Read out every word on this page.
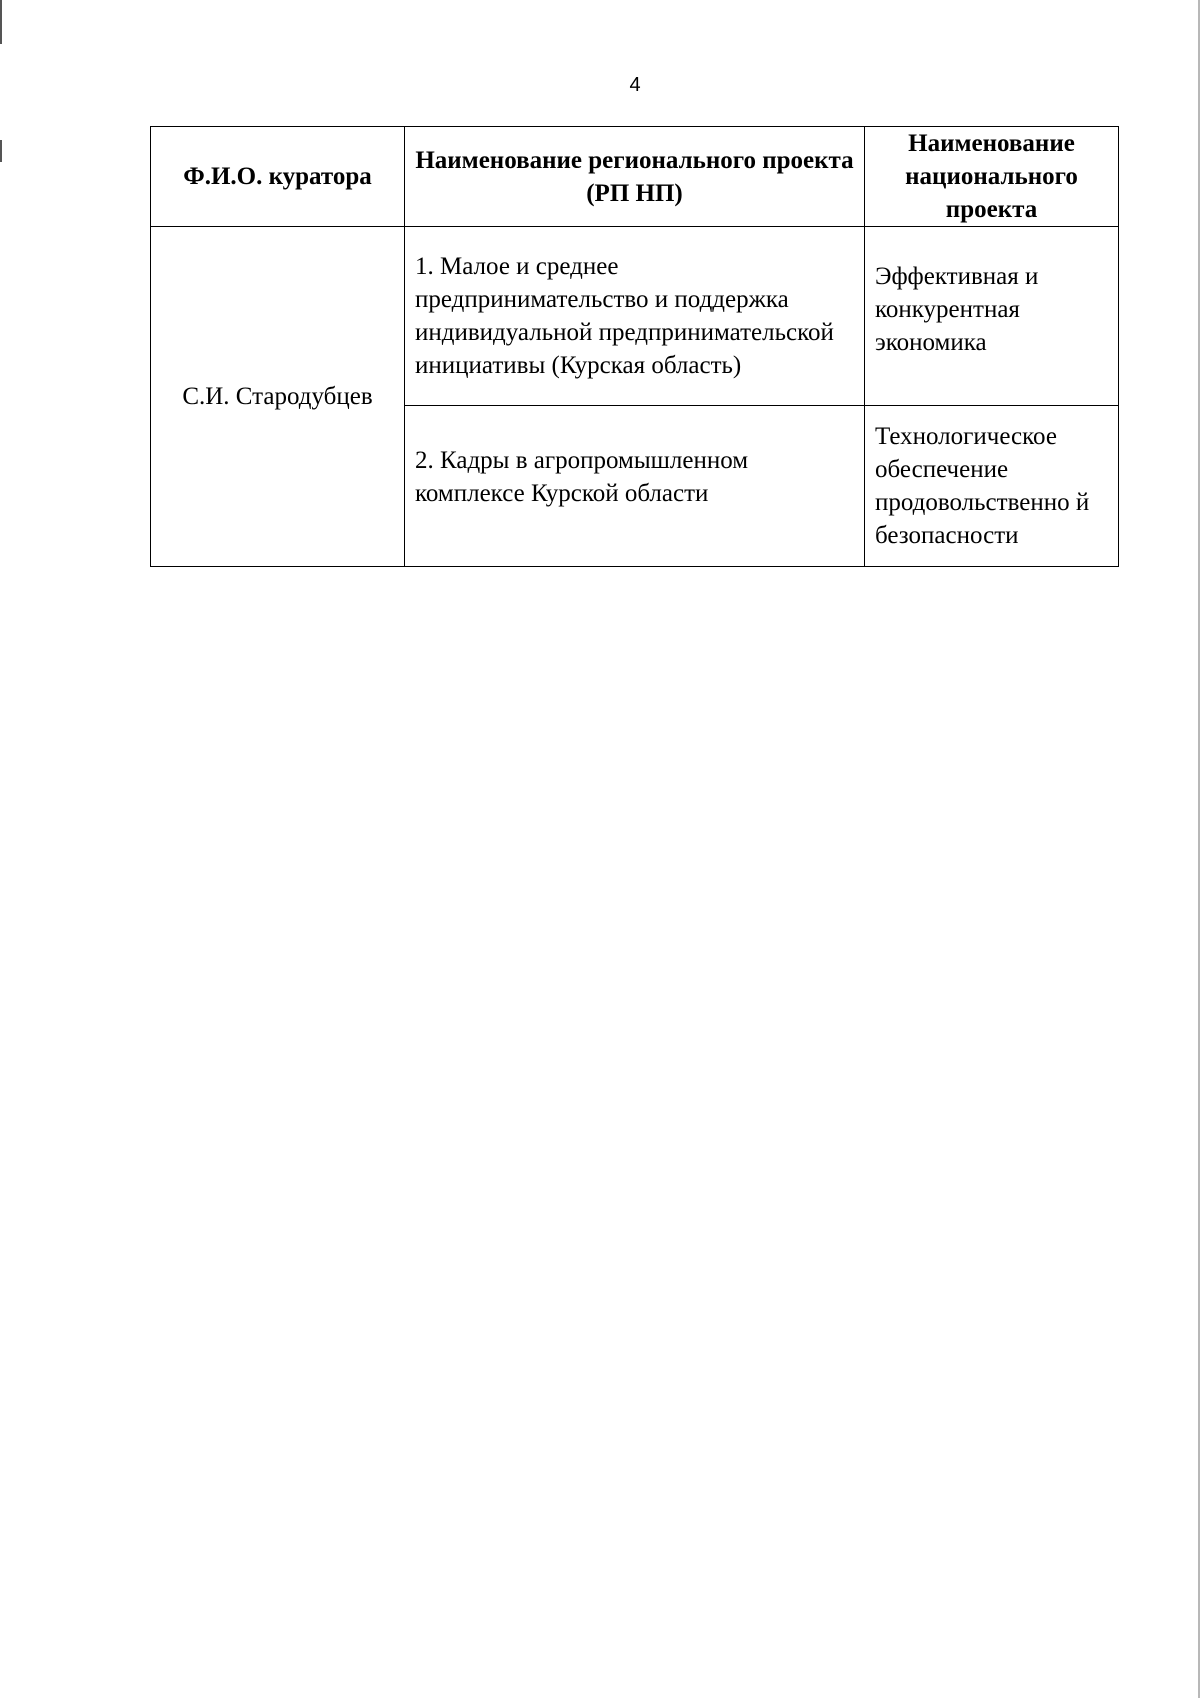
4
Ф.И.О. куратора	Наименование регионального проекта (РП НП)	Наименование национального проекта
С.И. Стародубцев	1. Малое и среднее предпринимательство и поддержка индивидуальной предпринимательской инициативы (Курская область)	Эффективная и конкурентная экономика
	2. Кадры в агропромышленном комплексе Курской области	Технологическое обеспечение продовольственно й безопасности
